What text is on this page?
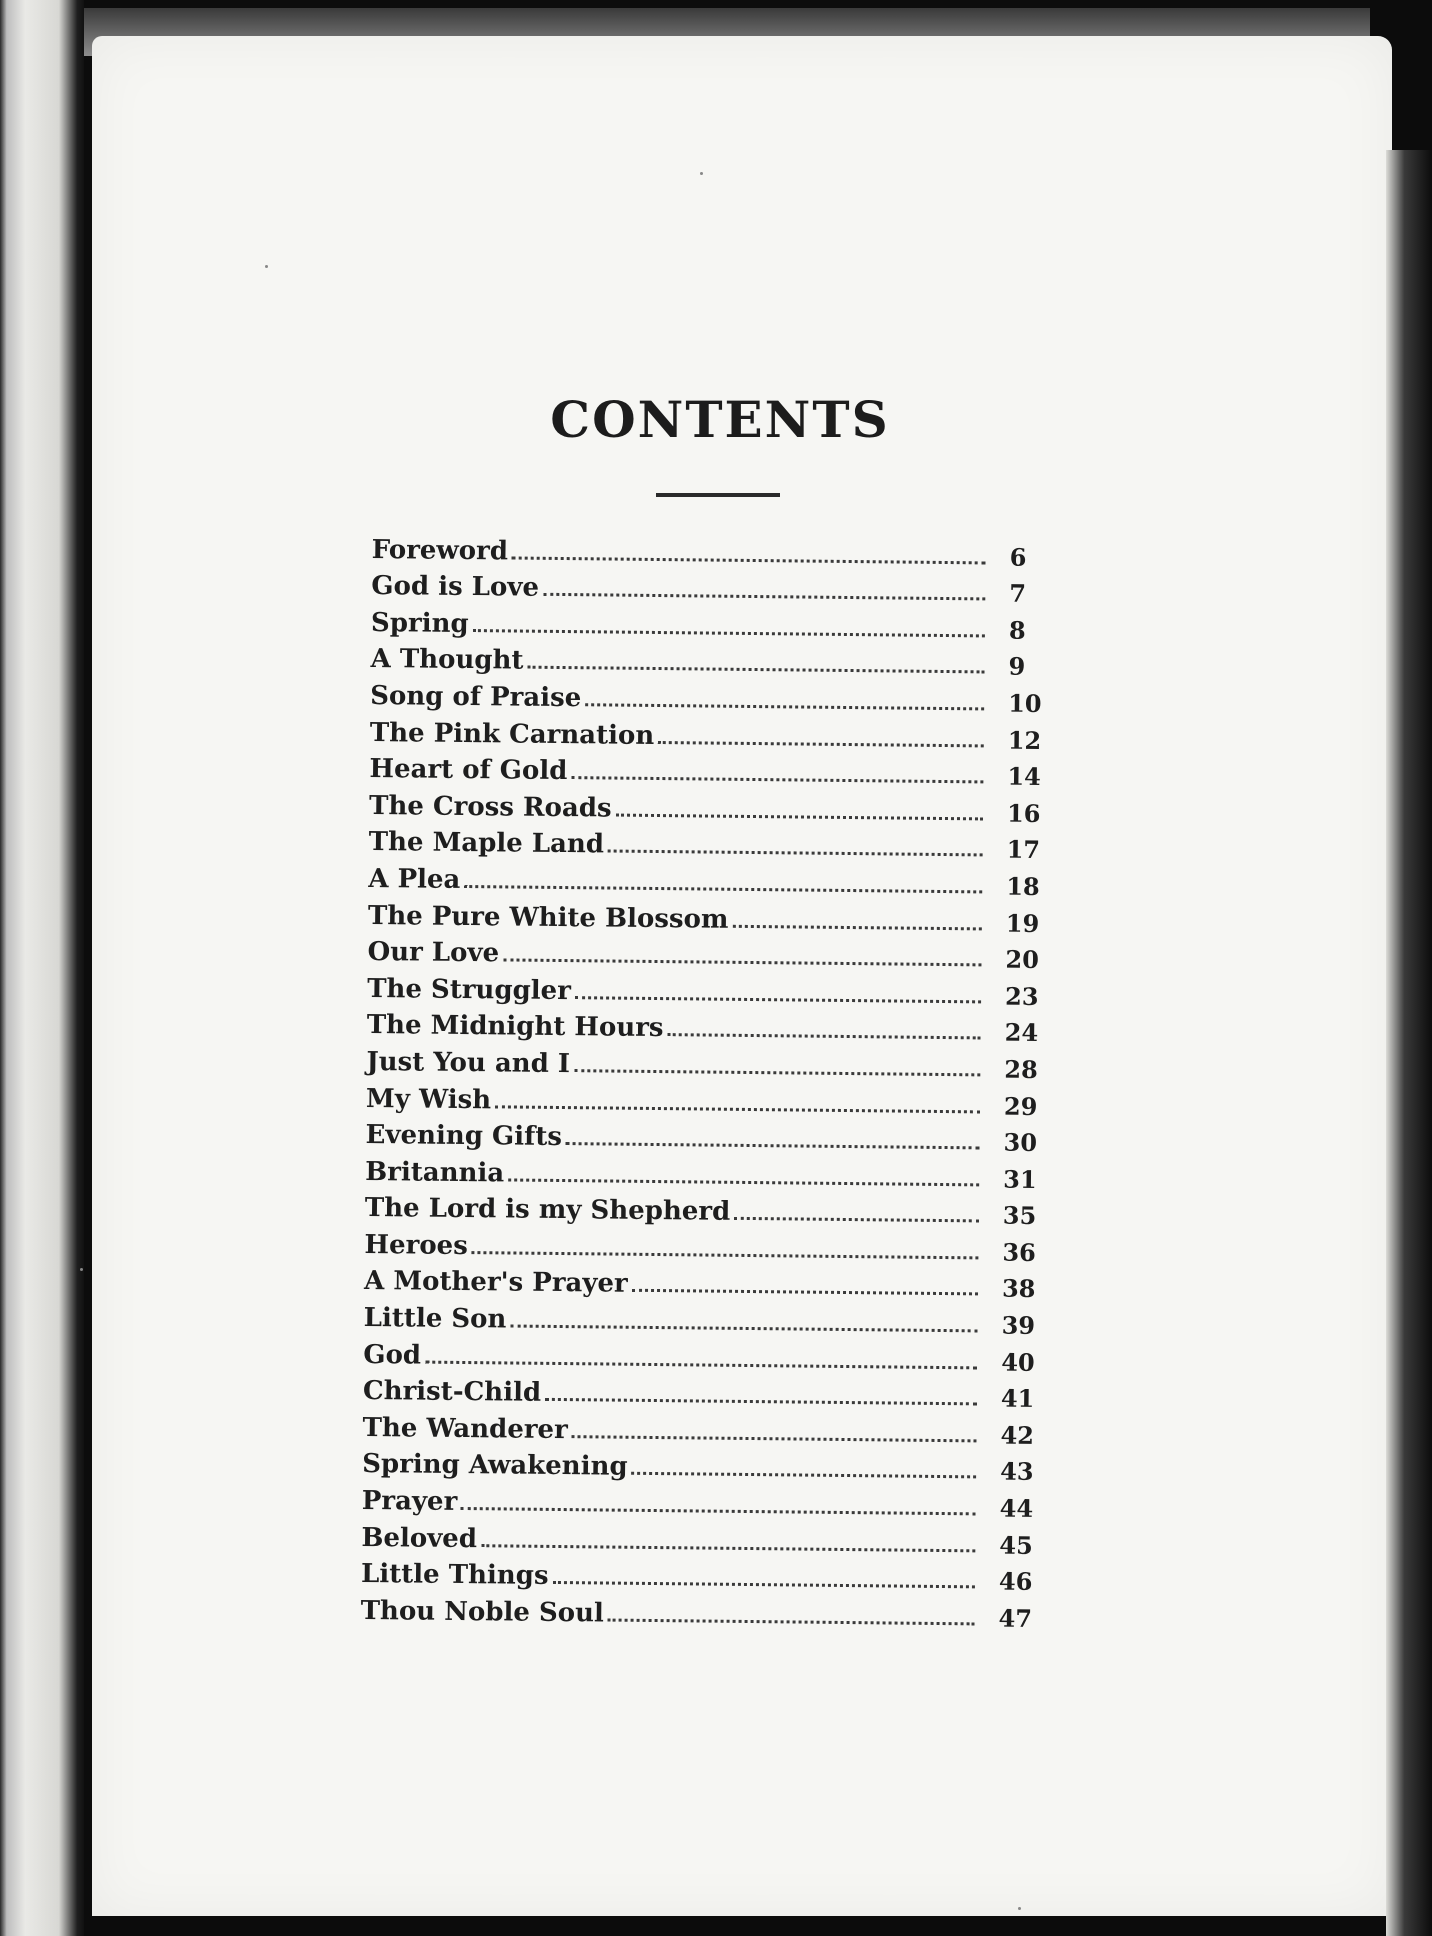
CONTENTS
Foreword	6
God is Love	7
Spring	8
A Thought	9
Song of Praise	10
The Pink Carnation	12
Heart of Gold	14
The Cross Roads	16
The Maple Land	17
A Plea	18
The Pure White Blossom	19
Our Love	20
The Struggler	23
The Midnight Hours	24
Just You and I	28
My Wish	29
Evening Gifts	30
Britannia	31
The Lord is my Shepherd	35
Heroes	36
A Mother's Prayer	38
Little Son	39
God	40
Christ-Child	41
The Wanderer	42
Spring Awakening	43
Prayer	44
Beloved	45
Little Things	46
Thou Noble Soul	47
